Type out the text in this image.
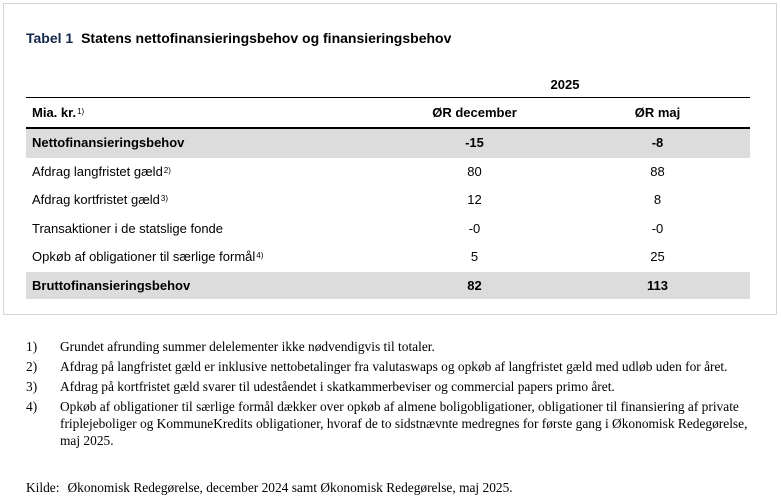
Tabel 1 Statens nettofinansieringsbehov og finansieringsbehov
2025
Mia. kr.$^{1)}$	ØR december	ØR maj
Nettofinansieringsbehov	-15	-8
Afdrag langfristet gæld$^{2)}$	80	88
Afdrag kortfristet gæld$^{3)}$	12	8
Transaktioner i de statslige fonde	-0	-0
Opkøb af obligationer til særlige formål$^{4)}$	5	25
Bruttofinansieringsbehov	82	113
1) Grundet afrunding summer delelementer ikke nødvendigvis til totaler.
2) Afdrag på langfristet gæld er inklusive nettobetalinger fra valutaswaps og opkøb af langfristet gæld med udløb uden for året.
3) Afdrag på kortfristet gæld svarer til udeståendet i skatkammerbeviser og commercial papers primo året.
4) Opkøb af obligationer til særlige formål dækker over opkøb af almene boligobligationer, obligationer til finansiering af private friplejeboliger og KommuneKredits obligationer, hvoraf de to sidstnævnte medregnes for første gang i Økonomisk Redegørelse, maj 2025.
Kilde: Økonomisk Redegørelse, december 2024 samt Økonomisk Redegørelse, maj 2025.
